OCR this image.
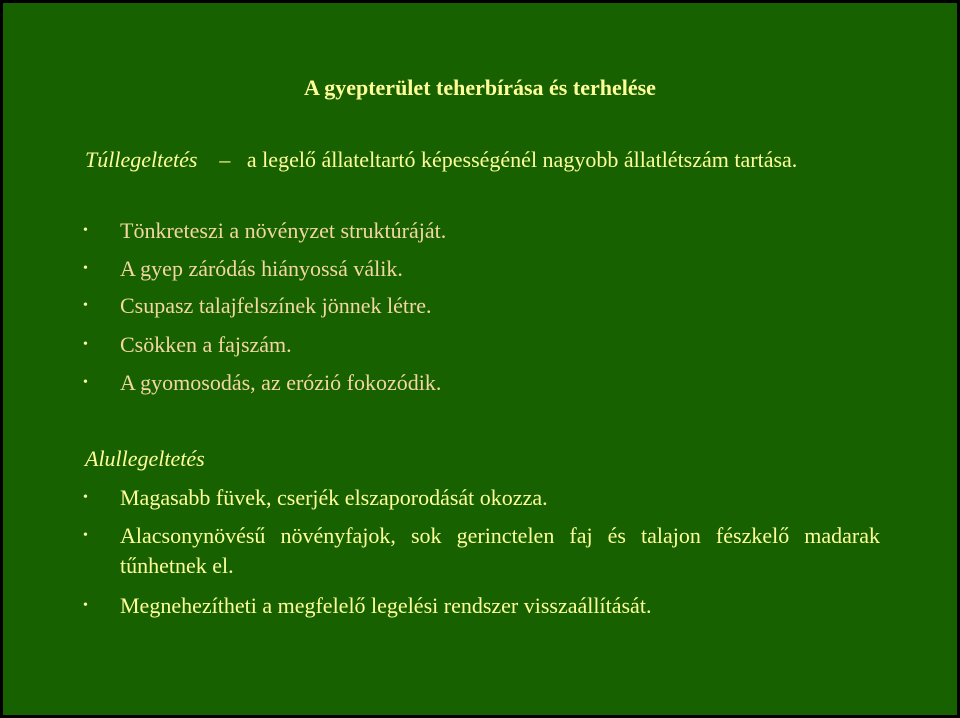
A gyepterület teherbírása és terhelése
Túllegeltetés – a legelő állateltartó képességénél nagyobb állatlétszám tartása.
•	Tönkreteszi a növényzet struktúráját.
•	A gyep záródás hiányossá válik.
•	Csupasz talajfelszínek jönnek létre.
•	Csökken a fajszám.
•	A gyomosodás, az erózió fokozódik.
Alullegeltetés
•	Magasabb füvek, cserjék elszaporodását okozza.
•	Alacsonynövésű növényfajok, sok gerinctelen faj és talajon fészkelő madarak tűnhetnek el.
•	Megnehezítheti a megfelelő legelési rendszer visszaállítását.
